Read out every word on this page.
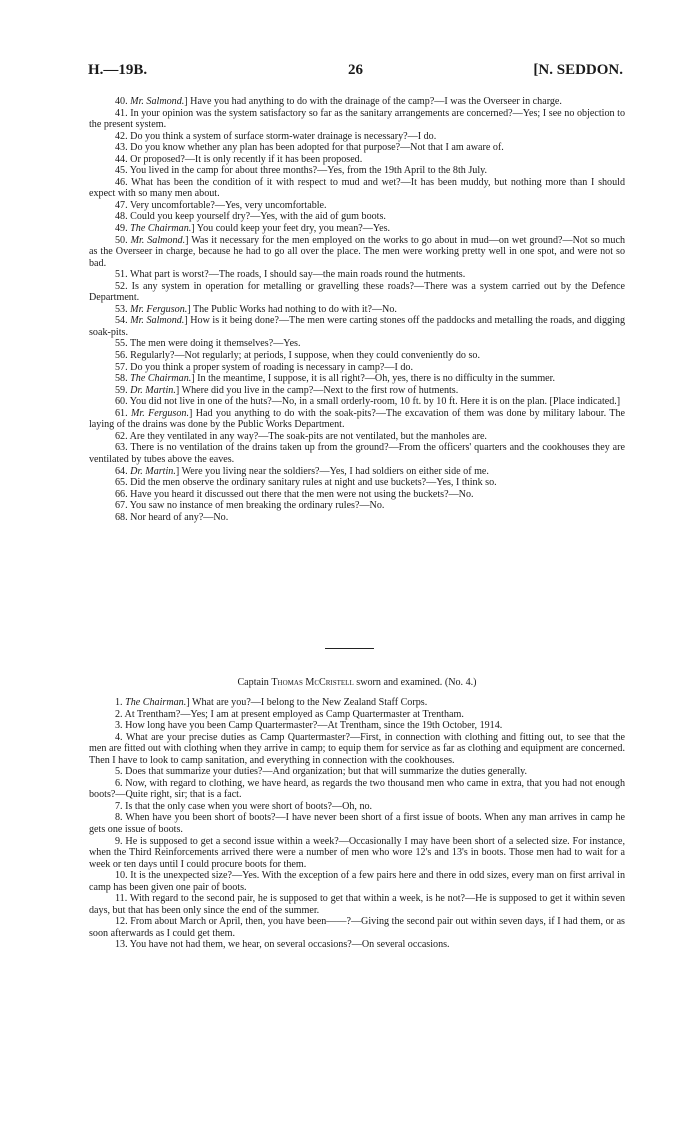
H.—19B.	26	[N. SEDDON.

40. Mr. Salmond.] Have you had anything to do with the drainage of the camp?—I was the Overseer in charge.

41. In your opinion was the system satisfactory so far as the sanitary arrangements are concerned?—Yes; I see no objection to the present system.

42. Do you think a system of surface storm-water drainage is necessary?—I do.

43. Do you know whether any plan has been adopted for that purpose?—Not that I am aware of.

44. Or proposed?—It is only recently if it has been proposed.

45. You lived in the camp for about three months?—Yes, from the 19th April to the 8th July.

46. What has been the condition of it with respect to mud and wet?—It has been muddy, but nothing more than I should expect with so many men about.

47. Very uncomfortable?—Yes, very uncomfortable.

48. Could you keep yourself dry?—Yes, with the aid of gum boots.

49. The Chairman.] You could keep your feet dry, you mean?—Yes.

50. Mr. Salmond.] Was it necessary for the men employed on the works to go about in mud—on wet ground?—Not so much as the Overseer in charge, because he had to go all over the place. The men were working pretty well in one spot, and were not so bad.

51. What part is worst?—The roads, I should say—the main roads round the hutments.

52. Is any system in operation for metalling or gravelling these roads?—There was a system carried out by the Defence Department.

53. Mr. Ferguson.] The Public Works had nothing to do with it?—No.

54. Mr. Salmond.] How is it being done?—The men were carting stones off the paddocks and metalling the roads, and digging soak-pits.

55. The men were doing it themselves?—Yes.

56. Regularly?—Not regularly; at periods, I suppose, when they could conveniently do so.

57. Do you think a proper system of roading is necessary in camp?—I do.

58. The Chairman.] In the meantime, I suppose, it is all right?—Oh, yes, there is no difficulty in the summer.

59. Dr. Martin.] Where did you live in the camp?—Next to the first row of hutments.

60. You did not live in one of the huts?—No, in a small orderly-room, 10 ft. by 10 ft. Here it is on the plan. [Place indicated.]

61. Mr. Ferguson.] Had you anything to do with the soak-pits?—The excavation of them was done by military labour. The laying of the drains was done by the Public Works Department.

62. Are they ventilated in any way?—The soak-pits are not ventilated, but the manholes are.

63. There is no ventilation of the drains taken up from the ground?—From the officers' quarters and the cookhouses they are ventilated by tubes above the eaves.

64. Dr. Martin.] Were you living near the soldiers?—Yes, I had soldiers on either side of me.

65. Did the men observe the ordinary sanitary rules at night and use buckets?—Yes, I think so.

66. Have you heard it discussed out there that the men were not using the buckets?—No.

67. You saw no instance of men breaking the ordinary rules?—No.

68. Nor heard of any?—No.

Captain Thomas McCristell sworn and examined. (No. 4.)

1. The Chairman.] What are you?—I belong to the New Zealand Staff Corps.

2. At Trentham?—Yes; I am at present employed as Camp Quartermaster at Trentham.

3. How long have you been Camp Quartermaster?—At Trentham, since the 19th October, 1914.

4. What are your precise duties as Camp Quartermaster?—First, in connection with clothing and fitting out, to see that the men are fitted out with clothing when they arrive in camp; to equip them for service as far as clothing and equipment are concerned. Then I have to look to camp sanitation, and everything in connection with the cookhouses.

5. Does that summarize your duties?—And organization; but that will summarize the duties generally.

6. Now, with regard to clothing, we have heard, as regards the two thousand men who came in extra, that you had not enough boots?—Quite right, sir; that is a fact.

7. Is that the only case when you were short of boots?—Oh, no.

8. When have you been short of boots?—I have never been short of a first issue of boots. When any man arrives in camp he gets one issue of boots.

9. He is supposed to get a second issue within a week?—Occasionally I may have been short of a selected size. For instance, when the Third Reinforcements arrived there were a number of men who wore 12's and 13's in boots. Those men had to wait for a week or ten days until I could procure boots for them.

10. It is the unexpected size?—Yes. With the exception of a few pairs here and there in odd sizes, every man on first arrival in camp has been given one pair of boots.

11. With regard to the second pair, he is supposed to get that within a week, is he not?—He is supposed to get it within seven days, but that has been only since the end of the summer.

12. From about March or April, then, you have been——?—Giving the second pair out within seven days, if I had them, or as soon afterwards as I could get them.

13. You have not had them, we hear, on several occasions?—On several occasions.
